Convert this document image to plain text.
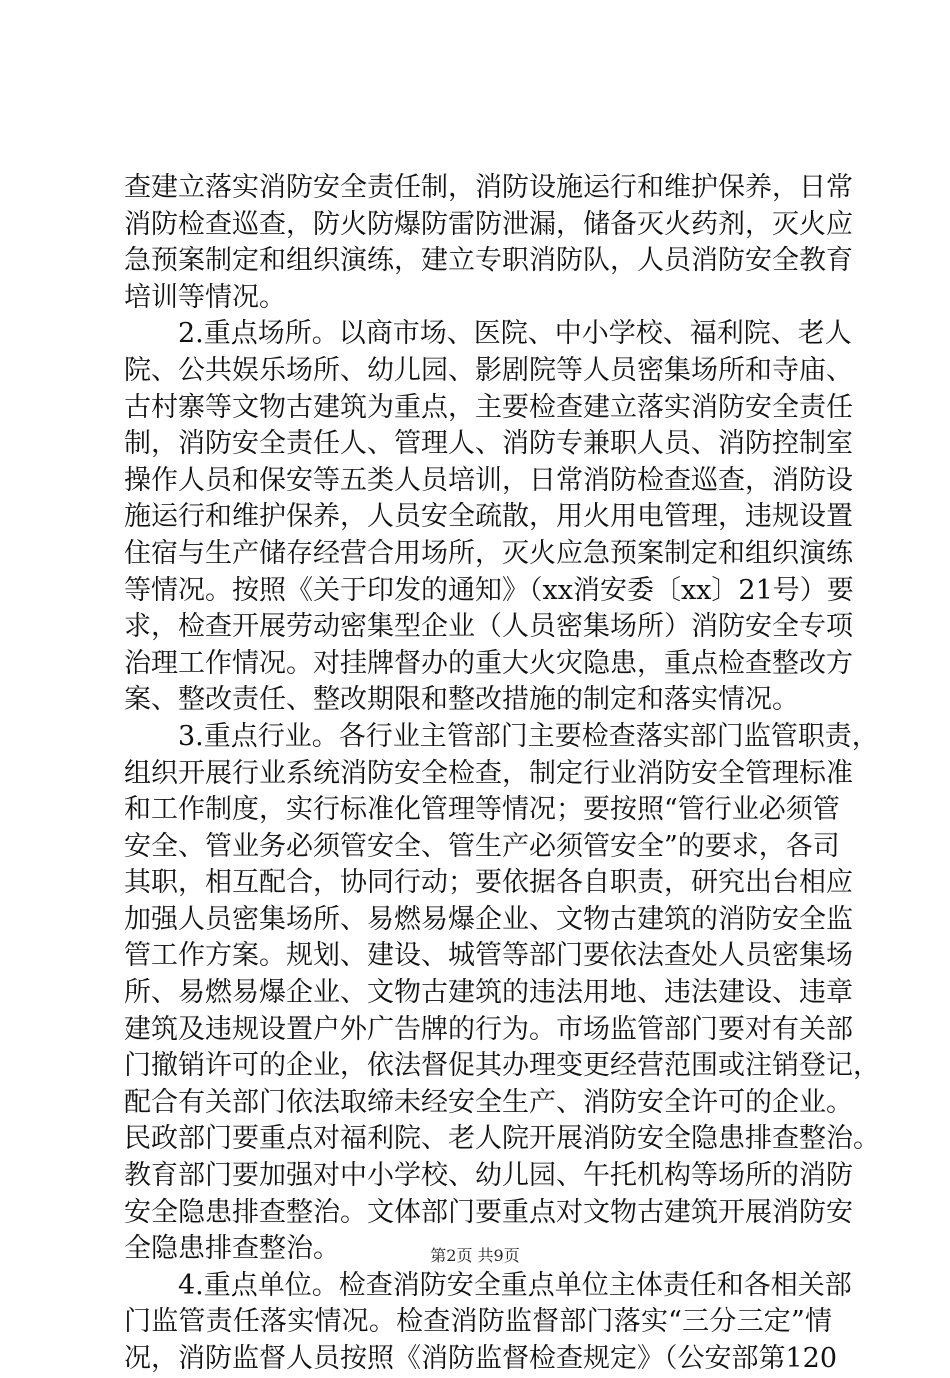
查建立落实消防安全责任制，消防设施运行和维护保养，日常
消防检查巡查，防火防爆防雷防泄漏，储备灭火药剂，灭火应
急预案制定和组织演练，建立专职消防队，人员消防安全教育
培训等情况。
2.重点场所。以商市场、医院、中小学校、福利院、老人
院、公共娱乐场所、幼儿园、影剧院等人员密集场所和寺庙、
古村寨等文物古建筑为重点，主要检查建立落实消防安全责任
制，消防安全责任人、管理人、消防专兼职人员、消防控制室
操作人员和保安等五类人员培训，日常消防检查巡查，消防设
施运行和维护保养，人员安全疏散，用火用电管理，违规设置
住宿与生产储存经营合用场所，灭火应急预案制定和组织演练
等情况。按照《关于印发的通知》（xx消安委〔xx〕21号）要
求，检查开展劳动密集型企业（人员密集场所）消防安全专项
治理工作情况。对挂牌督办的重大火灾隐患，重点检查整改方
案、整改责任、整改期限和整改措施的制定和落实情况。
3.重点行业。各行业主管部门主要检查落实部门监管职责，
组织开展行业系统消防安全检查，制定行业消防安全管理标准
和工作制度，实行标准化管理等情况；要按照“管行业必须管
安全、管业务必须管安全、管生产必须管安全”的要求，各司
其职，相互配合，协同行动；要依据各自职责，研究出台相应
加强人员密集场所、易燃易爆企业、文物古建筑的消防安全监
管工作方案。规划、建设、城管等部门要依法查处人员密集场
所、易燃易爆企业、文物古建筑的违法用地、违法建设、违章
建筑及违规设置户外广告牌的行为。市场监管部门要对有关部
门撤销许可的企业，依法督促其办理变更经营范围或注销登记，
配合有关部门依法取缔未经安全生产、消防安全许可的企业。
民政部门要重点对福利院、老人院开展消防安全隐患排查整治。
教育部门要加强对中小学校、幼儿园、午托机构等场所的消防
安全隐患排查整治。文体部门要重点对文物古建筑开展消防安
全隐患排查整治。
4.重点单位。检查消防安全重点单位主体责任和各相关部
门监管责任落实情况。检查消防监督部门落实“三分三定”情
况，消防监督人员按照《消防监督检查规定》（公安部第120
第2页 共9页
